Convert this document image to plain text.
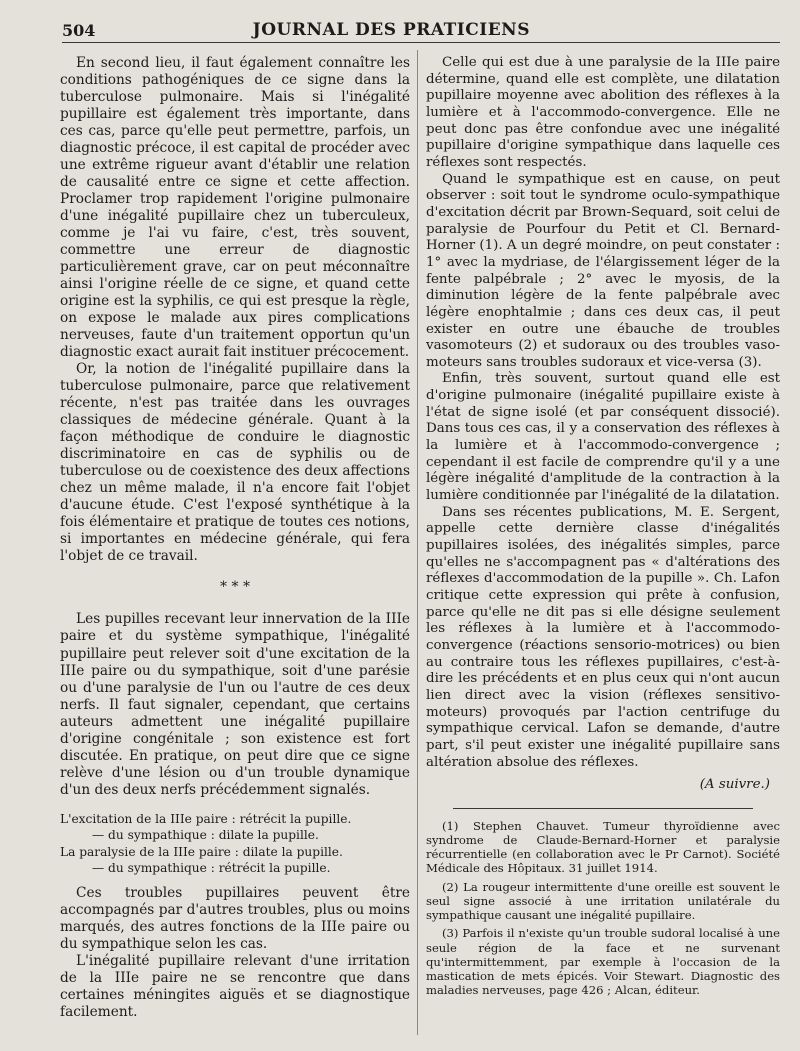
504	JOURNAL DES PRATICIENS

En second lieu, il faut également connaître les conditions pathogéniques de ce signe dans la tuberculose pulmonaire. Mais si l'inégalité pupillaire est également très importante, dans ces cas, parce qu'elle peut permettre, parfois, un diagnostic précoce, il est capital de procéder avec une extrême rigueur avant d'établir une relation de causalité entre ce signe et cette affection. Proclamer trop rapidement l'origine pulmonaire d'une inégalité pupillaire chez un tuberculeux, comme je l'ai vu faire, c'est, très souvent, commettre une erreur de diagnostic particulièrement grave, car on peut méconnaître ainsi l'origine réelle de ce signe, et quand cette origine est la syphilis, ce qui est presque la règle, on expose le malade aux pires complications nerveuses, faute d'un traitement opportun qu'un diagnostic exact aurait fait instituer précocement.

Or, la notion de l'inégalité pupillaire dans la tuberculose pulmonaire, parce que relativement récente, n'est pas traitée dans les ouvrages classiques de médecine générale. Quant à la façon méthodique de conduire le diagnostic discriminatoire en cas de syphilis ou de tuberculose ou de coexistence des deux affections chez un même malade, il n'a encore fait l'objet d'aucune étude. C'est l'exposé synthétique à la fois élémentaire et pratique de toutes ces notions, si importantes en médecine générale, qui fera l'objet de ce travail.

* * *

Les pupilles recevant leur innervation de la IIIe paire et du système sympathique, l'inégalité pupillaire peut relever soit d'une excitation de la IIIe paire ou du sympathique, soit d'une parésie ou d'une paralysie de l'un ou l'autre de ces deux nerfs. Il faut signaler, cependant, que certains auteurs admettent une inégalité pupillaire d'origine congénitale ; son existence est fort discutée. En pratique, on peut dire que ce signe relève d'une lésion ou d'un trouble dynamique d'un des deux nerfs précédemment signalés.

L'excitation de la IIIe paire : rétrécit la pupille.
— du sympathique : dilate la pupille.
La paralysie de la IIIe paire : dilate la pupille.
— du sympathique : rétrécit la pupille.

Ces troubles pupillaires peuvent être accompagnés par d'autres troubles, plus ou moins marqués, des autres fonctions de la IIIe paire ou du sympathique selon les cas.

L'inégalité pupillaire relevant d'une irritation de la IIIe paire ne se rencontre que dans certaines méningites aiguës et se diagnostique facilement.

Celle qui est due à une paralysie de la IIIe paire détermine, quand elle est complète, une dilatation pupillaire moyenne avec abolition des réflexes à la lumière et à l'accommodo-convergence. Elle ne peut donc pas être confondue avec une inégalité pupillaire d'origine sympathique dans laquelle ces réflexes sont respectés.

Quand le sympathique est en cause, on peut observer : soit tout le syndrome oculo-sympathique d'excitation décrit par Brown-Sequard, soit celui de paralysie de Pourfour du Petit et Cl. Bernard-Horner (1). A un degré moindre, on peut constater : 1° avec la mydriase, de l'élargissement léger de la fente palpébrale ; 2° avec le myosis, de la diminution légère de la fente palpébrale avec légère enophtalmie ; dans ces deux cas, il peut exister en outre une ébauche de troubles vasomoteurs (2) et sudoraux ou des troubles vaso-moteurs sans troubles sudoraux et vice-versa (3).

Enfin, très souvent, surtout quand elle est d'origine pulmonaire (inégalité pupillaire existe à l'état de signe isolé (et par conséquent dissocié). Dans tous ces cas, il y a conservation des réflexes à la lumière et à l'accommodo-convergence ; cependant il est facile de comprendre qu'il y a une légère inégalité d'amplitude de la contraction à la lumière conditionnée par l'inégalité de la dilatation.

Dans ses récentes publications, M. E. Sergent, appelle cette dernière classe d'inégalités pupillaires isolées, des inégalités simples, parce qu'elles ne s'accompagnent pas « d'altérations des réflexes d'accommodation de la pupille ». Ch. Lafon critique cette expression qui prête à confusion, parce qu'elle ne dit pas si elle désigne seulement les réflexes à la lumière et à l'accommodo-convergence (réactions sensorio-motrices) ou bien au contraire tous les réflexes pupillaires, c'est-à-dire les précédents et en plus ceux qui n'ont aucun lien direct avec la vision (réflexes sensitivo-moteurs) provoqués par l'action centrifuge du sympathique cervical. Lafon se demande, d'autre part, s'il peut exister une inégalité pupillaire sans altération absolue des réflexes.

(A suivre.)
(1) Stephen Chauvet. Tumeur thyroïdienne avec syndrome de Claude-Bernard-Horner et paralysie récurrentielle (en collaboration avec le Pr Carnot). Société Médicale des Hôpitaux. 31 juillet 1914.
(2) La rougeur intermittente d'une oreille est souvent le seul signe associé à une irritation unilatérale du sympathique causant une inégalité pupillaire.
(3) Parfois il n'existe qu'un trouble sudoral localisé à une seule région de la face et ne survenant qu'intermittemment, par exemple à l'occasion de la mastication de mets épicés. Voir Stewart. Diagnostic des maladies nerveuses, page 426 ; Alcan, éditeur.
